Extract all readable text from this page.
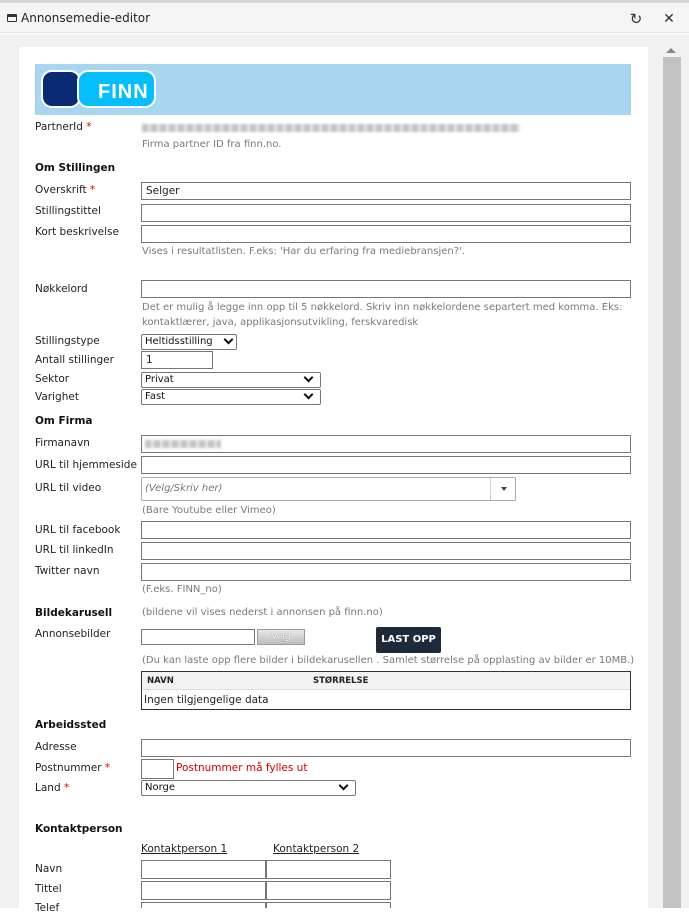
Annonsemedie-editor	↻ ✕
FINN
PartnerId *
Firma partner ID fra finn.no.
Om Stillingen
Overskrift *	Selger
Stillingstittel
Kort beskrivelse
Vises i resultatlisten. F.eks: 'Har du erfaring fra mediebransjen?'.
Nøkkelord
Det er mulig å legge inn opp til 5 nøkkelord. Skriv inn nøkkelordene separtert med komma. Eks:
kontaktlærer, java, applikasjonsutvikling, ferskvaredisk
Stillingstype	Heltidsstilling
Antall stillinger	1
Sektor	Privat
Varighet	Fast
Om Firma
Firmanavn
URL til hjemmeside
URL til video	(Velg/Skriv her)
(Bare Youtube eller Vimeo)
URL til facebook
URL til linkedIn
Twitter navn
(F.eks. FINN_no)
Bildekarusell	(bildene vil vises nederst i annonsen på finn.no)
Annonsebilder	Velg	LAST OPP
(Du kan laste opp flere bilder i bildekarusellen . Samlet størrelse på opplasting av bilder er 10MB.)
NAVN	STØRRELSE
Ingen tilgjengelige data
Arbeidssted
Adresse
Postnummer *	Postnummer må fylles ut
Land *	Norge
Kontaktperson
Kontaktperson 1	Kontaktperson 2
Navn
Tittel
Telef
